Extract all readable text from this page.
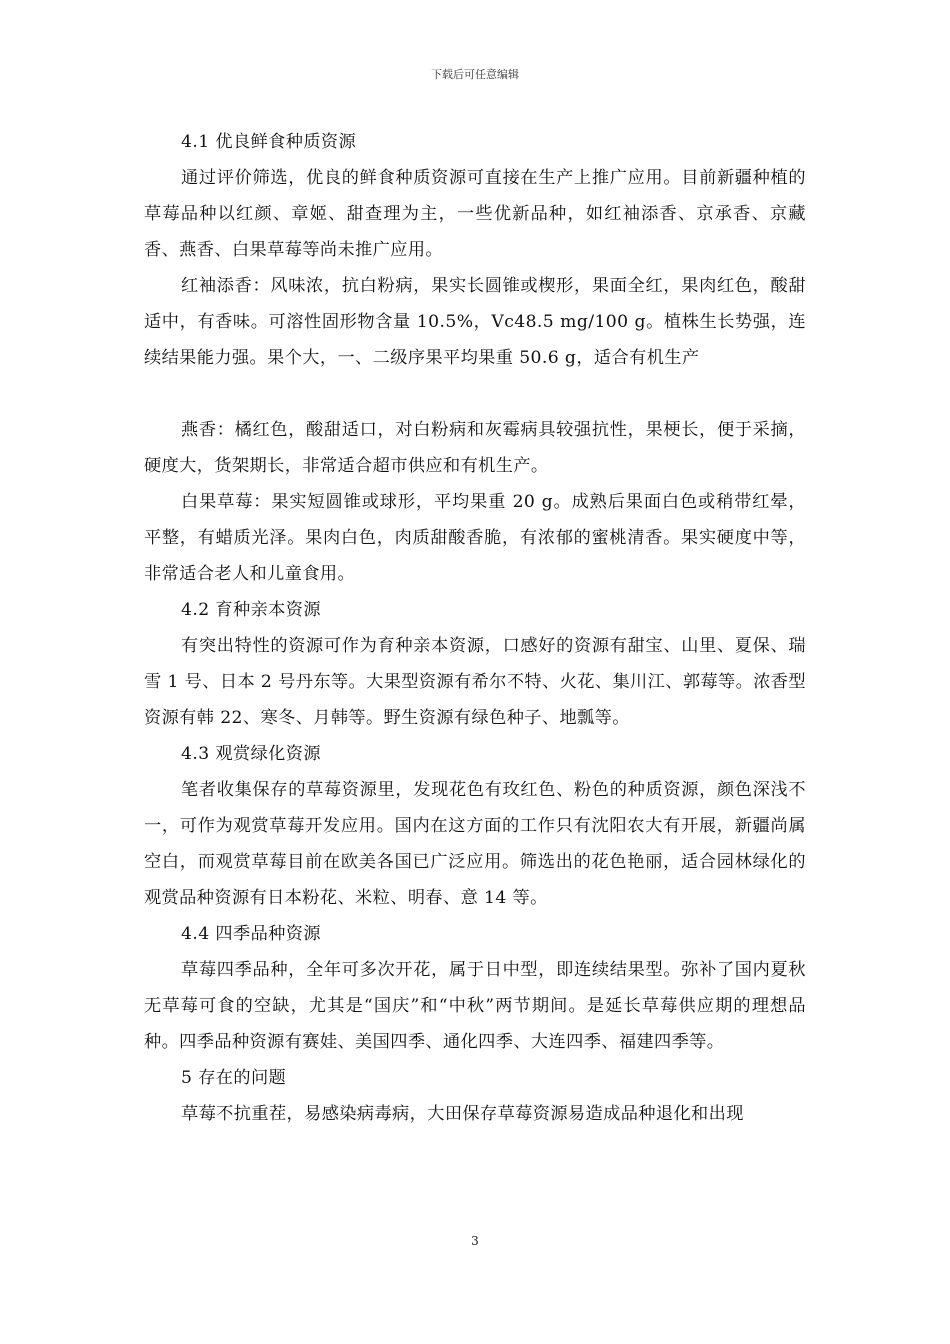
下载后可任意编辑

4.1 优良鲜食种质资源

通过评价筛选，优良的鲜食种质资源可直接在生产上推广应用。目前新疆种植的草莓品种以红颜、章姬、甜查理为主，一些优新品种，如红袖添香、京承香、京藏香、燕香、白果草莓等尚未推广应用。

红袖添香：风味浓，抗白粉病，果实长圆锥或楔形，果面全红，果肉红色，酸甜适中，有香味。可溶性固形物含量 10.5%，Vc48.5 mg/100 g。植株生长势强，连续结果能力强。果个大，一、二级序果平均果重 50.6 g，适合有机生产

燕香：橘红色，酸甜适口，对白粉病和灰霉病具较强抗性，果梗长，便于采摘，硬度大，货架期长，非常适合超市供应和有机生产。

白果草莓：果实短圆锥或球形，平均果重 20 g。成熟后果面白色或稍带红晕，平整，有蜡质光泽。果肉白色，肉质甜酸香脆，有浓郁的蜜桃清香。果实硬度中等，非常适合老人和儿童食用。

4.2 育种亲本资源

有突出特性的资源可作为育种亲本资源，口感好的资源有甜宝、山里、夏保、瑞雪 1 号、日本 2 号丹东等。大果型资源有希尔不特、火花、集川江、郭莓等。浓香型资源有韩 22、寒冬、月韩等。野生资源有绿色种子、地瓢等。

4.3 观赏绿化资源

笔者收集保存的草莓资源里，发现花色有玫红色、粉色的种质资源，颜色深浅不一，可作为观赏草莓开发应用。国内在这方面的工作只有沈阳农大有开展，新疆尚属空白，而观赏草莓目前在欧美各国已广泛应用。筛选出的花色艳丽，适合园林绿化的观赏品种资源有日本粉花、米粒、明春、意 14 等。

4.4 四季品种资源

草莓四季品种，全年可多次开花，属于日中型，即连续结果型。弥补了国内夏秋无草莓可食的空缺，尤其是“国庆”和“中秋”两节期间。是延长草莓供应期的理想品种。四季品种资源有赛娃、美国四季、通化四季、大连四季、福建四季等。

5 存在的问题

草莓不抗重茬，易感染病毒病，大田保存草莓资源易造成品种退化和出现

3
